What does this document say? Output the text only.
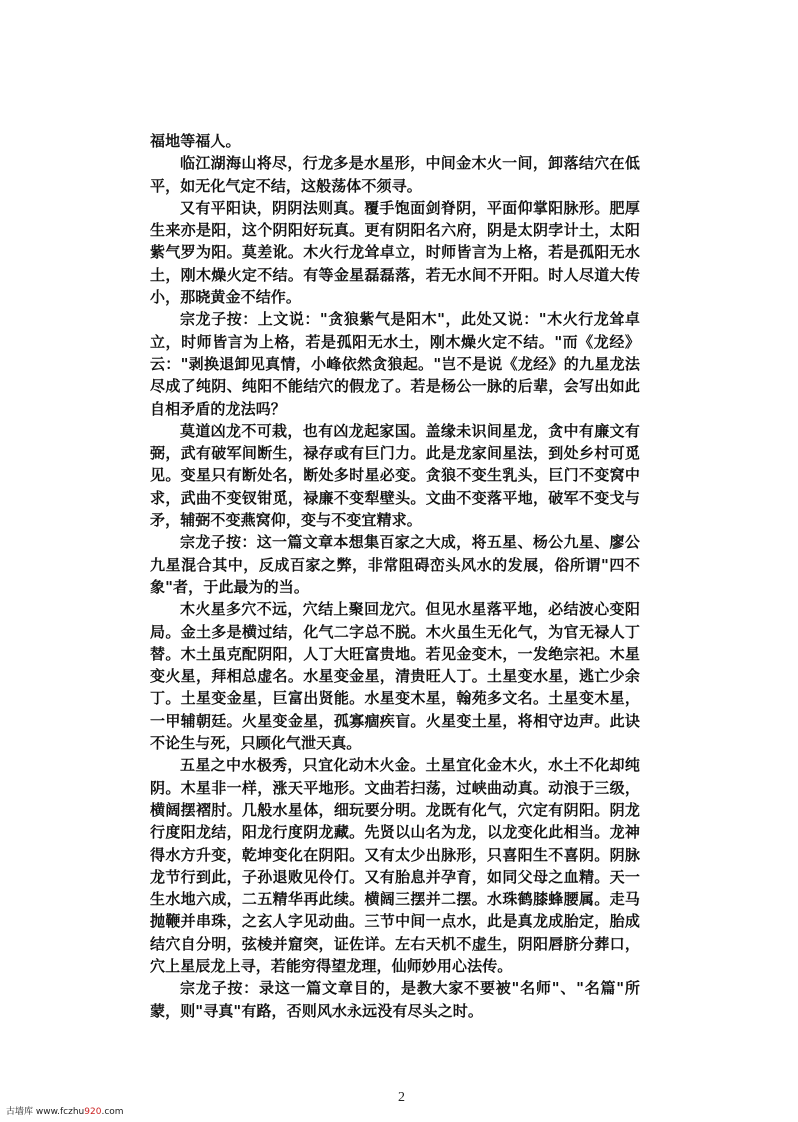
福地等福人。

临江湖海山将尽，行龙多是水星形，中间金木火一间，卸落结穴在低平，如无化气定不结，这般荡体不须寻。

又有平阳诀，阴阴法则真。覆手饱面剑脊阴，平面仰掌阳脉形。肥厚生来亦是阳，这个阴阳好玩真。更有阴阳名六府，阴是太阴孛计土，太阳紫气罗为阳。莫差讹。木火行龙耸卓立，时师皆言为上格，若是孤阳无水土，刚木燥火定不结。有等金星磊磊落，若无水间不开阳。时人尽道大传小，那晓黄金不结作。

宗龙子按：上文说："贪狼紫气是阳木"，此处又说："木火行龙耸卓立，时师皆言为上格，若是孤阳无水土，刚木燥火定不结。"而《龙经》云："剥换退卸见真情，小峰依然贪狼起。"岂不是说《龙经》的九星龙法尽成了纯阴、纯阳不能结穴的假龙了。若是杨公一脉的后辈，会写出如此自相矛盾的龙法吗？

莫道凶龙不可栽，也有凶龙起家国。盖缘未识间星龙，贪中有廉文有弼，武有破军间断生，禄存或有巨门力。此是龙家间星法，到处乡村可觅见。变星只有断处名，断处多时星必变。贪狼不变生乳头，巨门不变窝中求，武曲不变钗钳觅，禄廉不变犁壁头。文曲不变落平地，破军不变戈与矛，辅弼不变燕窝仰，变与不变宜精求。

宗龙子按：这一篇文章本想集百家之大成，将五星、杨公九星、廖公九星混合其中，反成百家之弊，非常阻碍峦头风水的发展，俗所谓"四不象"者，于此最为的当。

木火星多穴不远，穴结上聚回龙穴。但见水星落平地，必结波心变阳局。金土多是横过结，化气二字总不脱。木火虽生无化气，为官无禄人丁替。木土虽克配阴阳，人丁大旺富贵地。若见金变木，一发绝宗祀。木星变火星，拜相总虚名。水星变金星，清贵旺人丁。土星变水星，逃亡少余丁。土星变金星，巨富出贤能。水星变木星，翰苑多文名。土星变木星，一甲辅朝廷。火星变金星，孤寡痼疾盲。火星变土星，将相守边声。此诀不论生与死，只顾化气泄天真。

五星之中水极秀，只宜化动木火金。土星宜化金木火，水土不化却纯阴。木星非一样，涨天平地形。文曲若扫荡，过峡曲动真。动浪于三级，横阔摆褶肘。几般水星体，细玩要分明。龙既有化气，穴定有阴阳。阴龙行度阳龙结，阳龙行度阴龙藏。先贤以山名为龙，以龙变化此相当。龙神得水方升变，乾坤变化在阴阳。又有太少出脉形，只喜阳生不喜阴。阴脉龙节行到此，子孙退败见伶仃。又有胎息并孕育，如同父母之血精。天一生水地六成，二五精华再此续。横阔三摆并二摆。水珠鹤膝蜂腰属。走马抛鞭并串珠，之玄人字见动曲。三节中间一点水，此是真龙成胎定，胎成结穴自分明，弦棱并窟突，证佐详。左右天机不虚生，阴阳唇脐分葬口，穴上星辰龙上寻，若能穷得望龙理，仙师妙用心法传。

宗龙子按：录这一篇文章目的，是教大家不要被"名师"、"名篇"所蒙，则"寻真"有路，否则风水永远没有尽头之时。

2
古墙库 www.fczhu920.com
